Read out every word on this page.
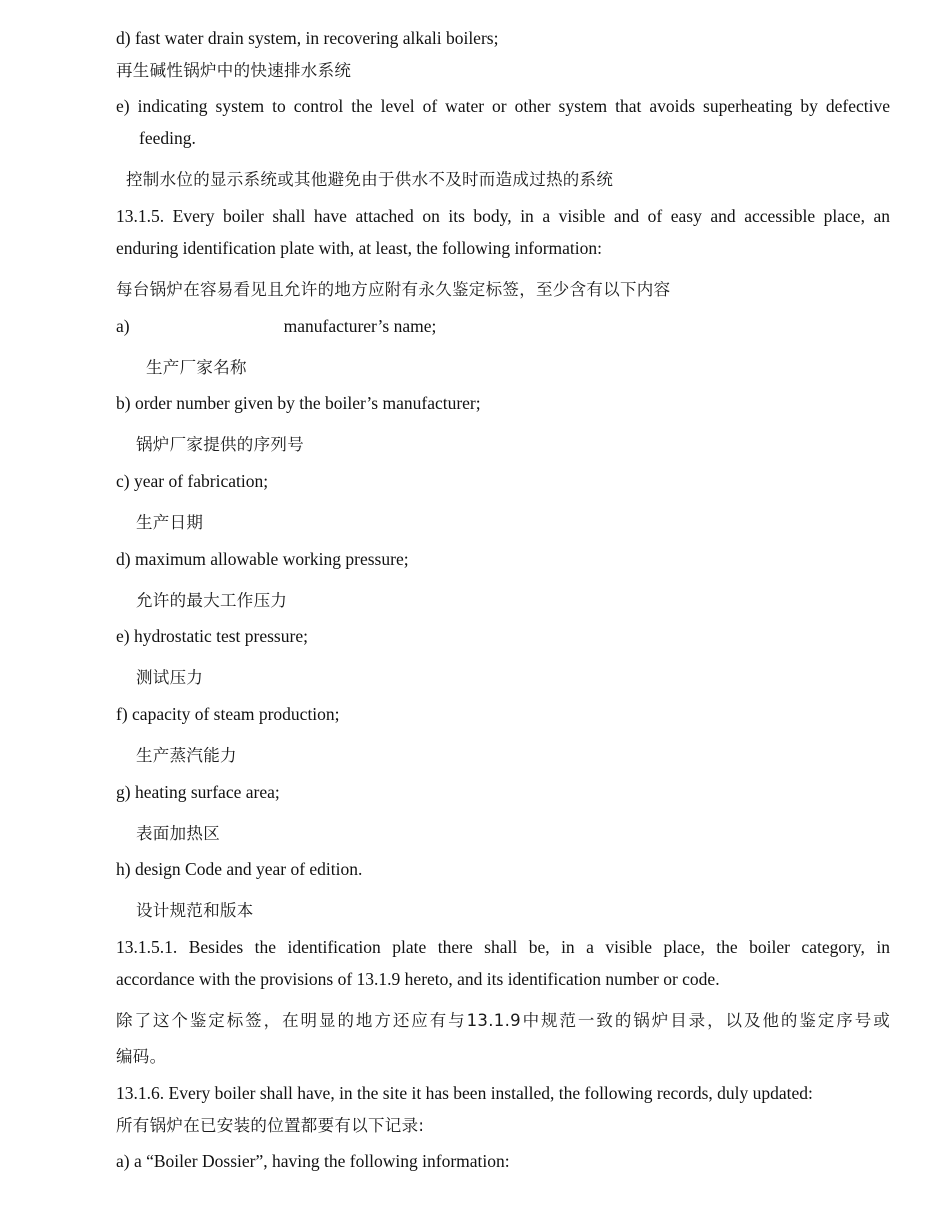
d) fast water drain system, in recovering alkali boilers;
再生碱性锅炉中的快速排水系统
e) indicating system to control the level of water or other system that avoids superheating by defective
feeding.
控制水位的显示系统或其他避免由于供水不及时而造成过热的系统
13.1.5. Every boiler shall have attached on its body, in a visible and of easy and accessible place, an
enduring identification plate with, at least, the following information:
每台锅炉在容易看见且允许的地方应附有永久鉴定标签，至少含有以下内容
a)	manufacturer’s name;
生产厂家名称
b) order number given by the boiler’s manufacturer;
锅炉厂家提供的序列号
c) year of fabrication;
生产日期
d) maximum allowable working pressure;
允许的最大工作压力
e) hydrostatic test pressure;
测试压力
f) capacity of steam production;
生产蒸汽能力
g) heating surface area;
表面加热区
h) design Code and year of edition.
设计规范和版本
13.1.5.1. Besides the identification plate there shall be, in a visible place, the boiler category, in
accordance with the provisions of 13.1.9 hereto, and its identification number or code.
除了这个鉴定标签，在明显的地方还应有与13.1.9中规范一致的锅炉目录，以及他的鉴定序号或
编码。
13.1.6. Every boiler shall have, in the site it has been installed, the following records, duly updated:
所有锅炉在已安装的位置都要有以下记录:
a) a “Boiler Dossier”, having the following information:
